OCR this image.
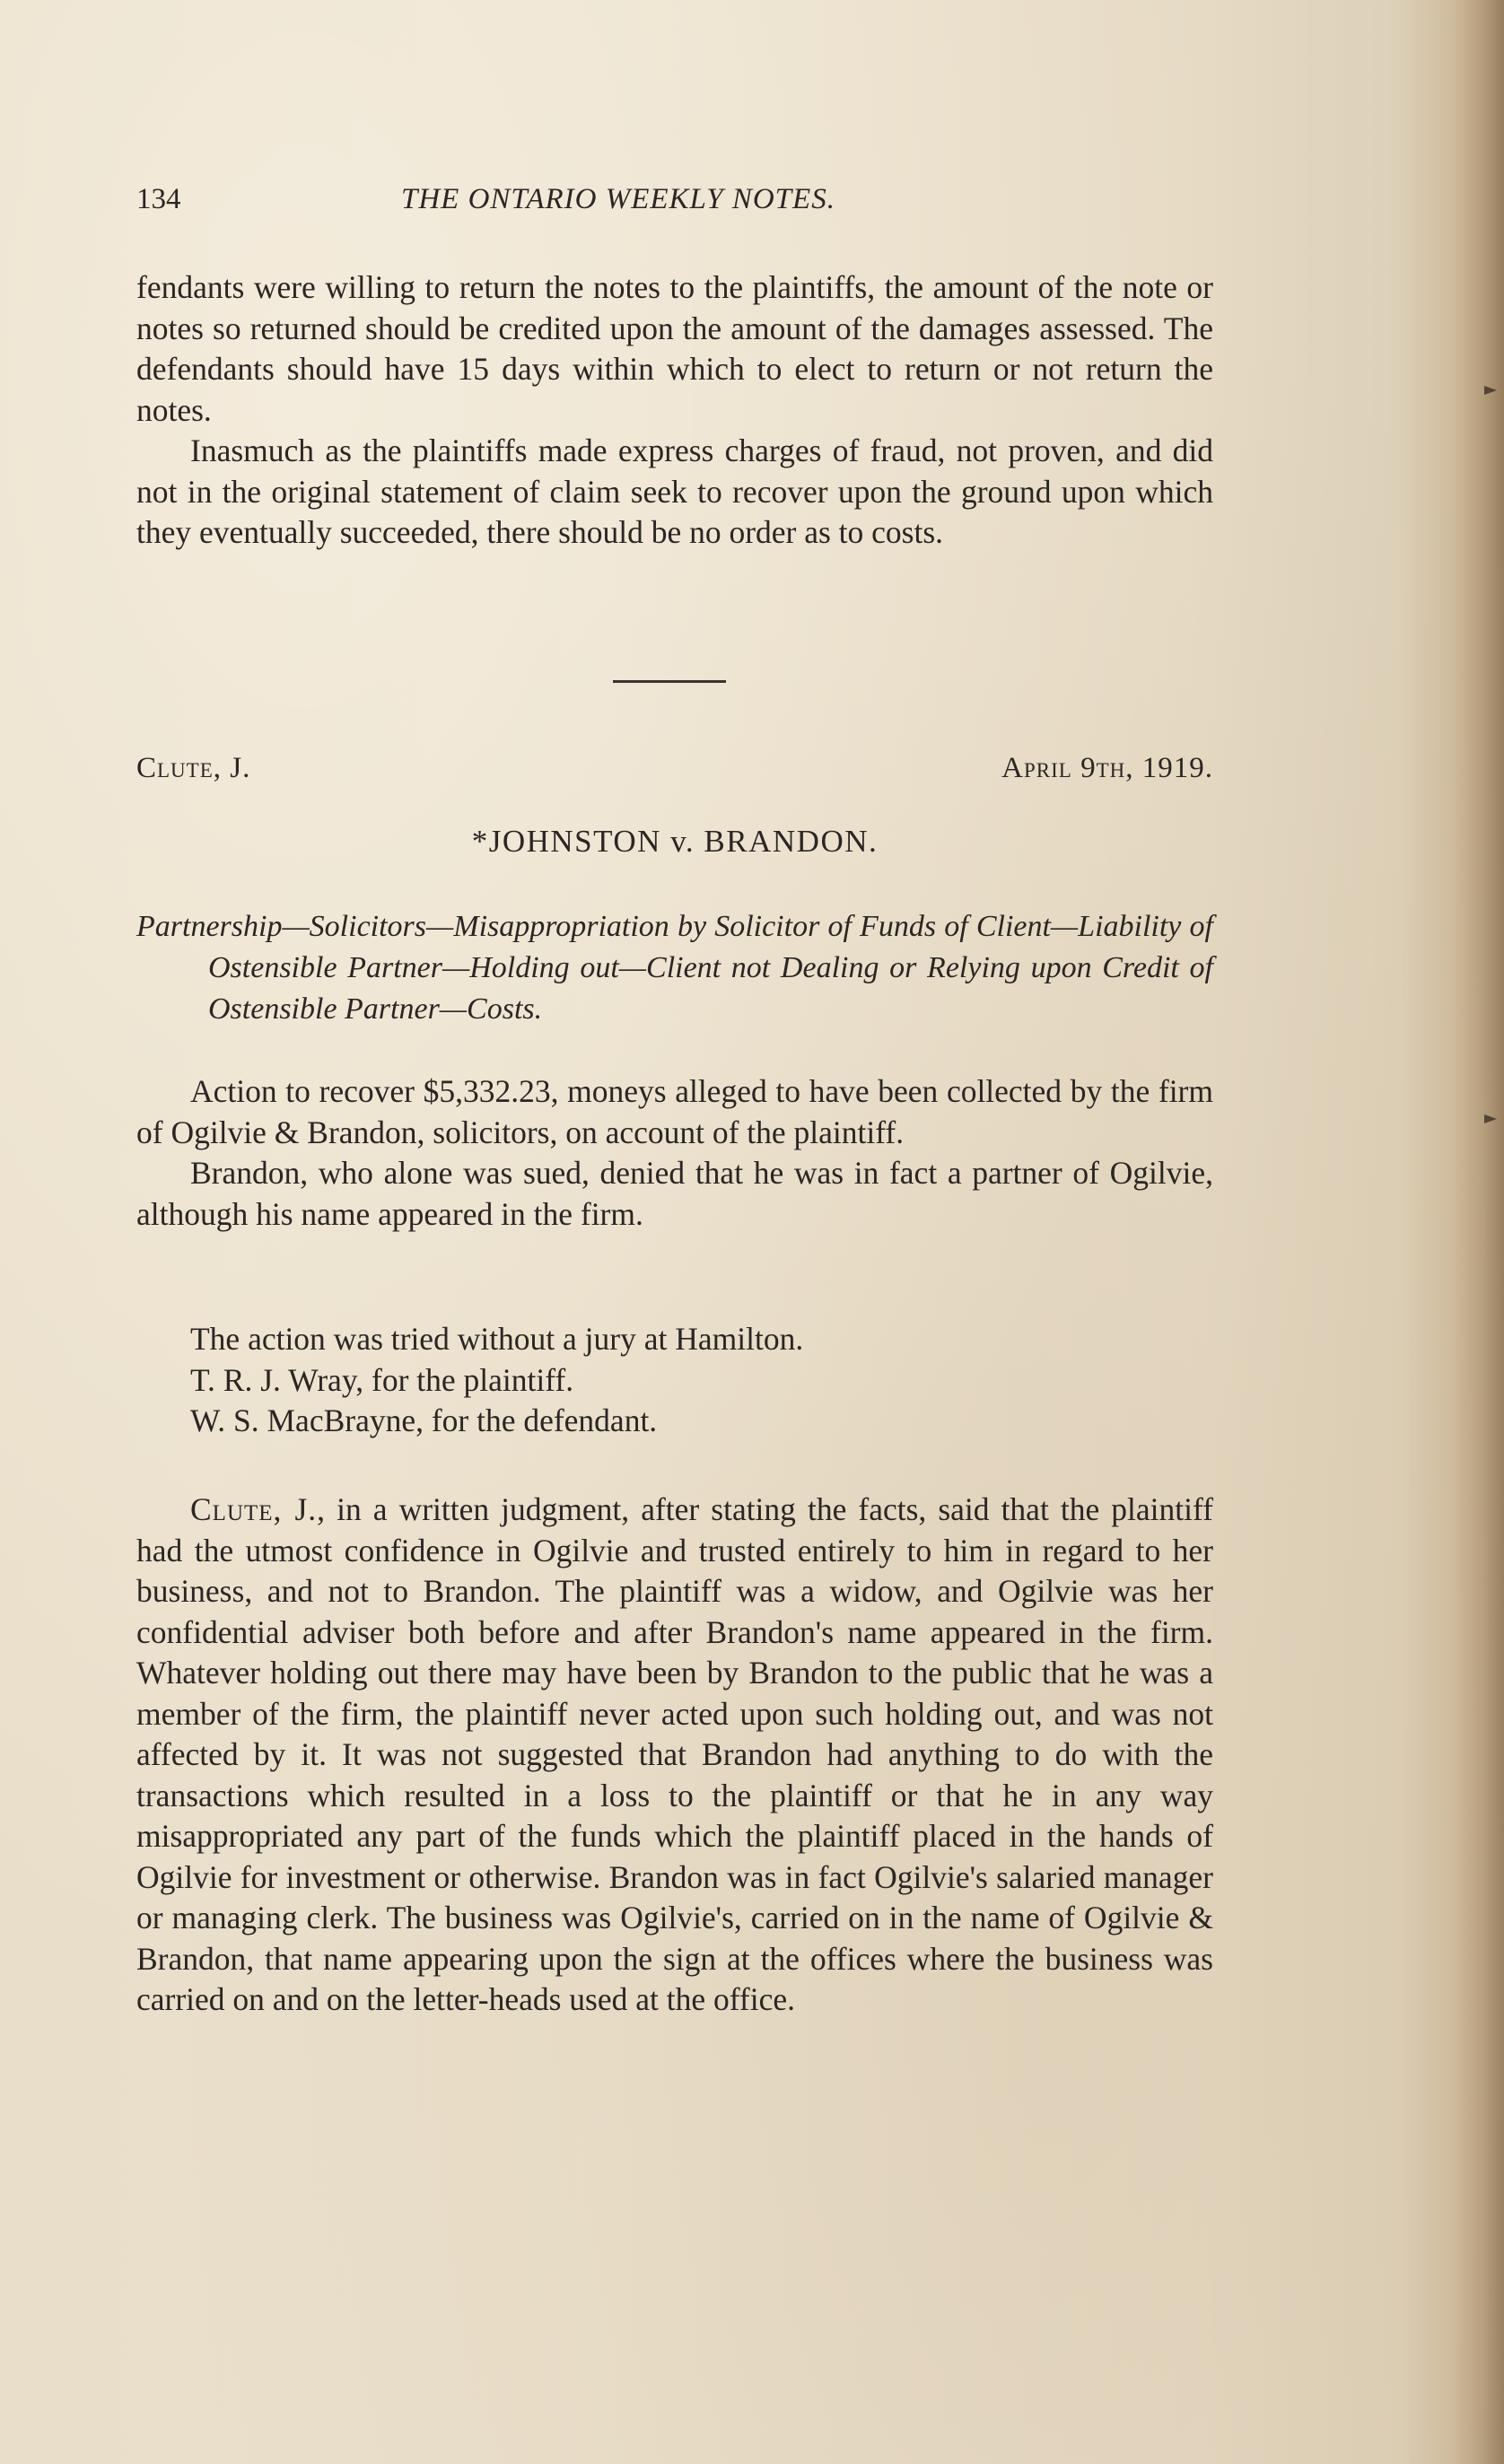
134	THE ONTARIO WEEKLY NOTES.

fendants were willing to return the notes to the plaintiffs, the amount of the note or notes so returned should be credited upon the amount of the damages assessed. The defendants should have 15 days within which to elect to return or not return the notes.

Inasmuch as the plaintiffs made express charges of fraud, not proven, and did not in the original statement of claim seek to recover upon the ground upon which they eventually succeeded, there should be no order as to costs.

Clute, J.	April 9th, 1919.
*JOHNSTON v. BRANDON.
Partnership—Solicitors—Misappropriation by Solicitor of Funds of Client—Liability of Ostensible Partner—Holding out—Client not Dealing or Relying upon Credit of Ostensible Partner—Costs.

Action to recover $5,332.23, moneys alleged to have been collected by the firm of Ogilvie & Brandon, solicitors, on account of the plaintiff.

Brandon, who alone was sued, denied that he was in fact a partner of Ogilvie, although his name appeared in the firm.

The action was tried without a jury at Hamilton.

T. R. J. Wray, for the plaintiff.

W. S. MacBrayne, for the defendant.

Clute, J., in a written judgment, after stating the facts, said that the plaintiff had the utmost confidence in Ogilvie and trusted entirely to him in regard to her business, and not to Brandon. The plaintiff was a widow, and Ogilvie was her confidential adviser both before and after Brandon's name appeared in the firm. Whatever holding out there may have been by Brandon to the public that he was a member of the firm, the plaintiff never acted upon such holding out, and was not affected by it. It was not suggested that Brandon had anything to do with the transactions which resulted in a loss to the plaintiff or that he in any way misappropriated any part of the funds which the plaintiff placed in the hands of Ogilvie for investment or otherwise. Brandon was in fact Ogilvie's salaried manager or managing clerk. The business was Ogilvie's, carried on in the name of Ogilvie & Brandon, that name appearing upon the sign at the offices where the business was carried on and on the letter-heads used at the office.
